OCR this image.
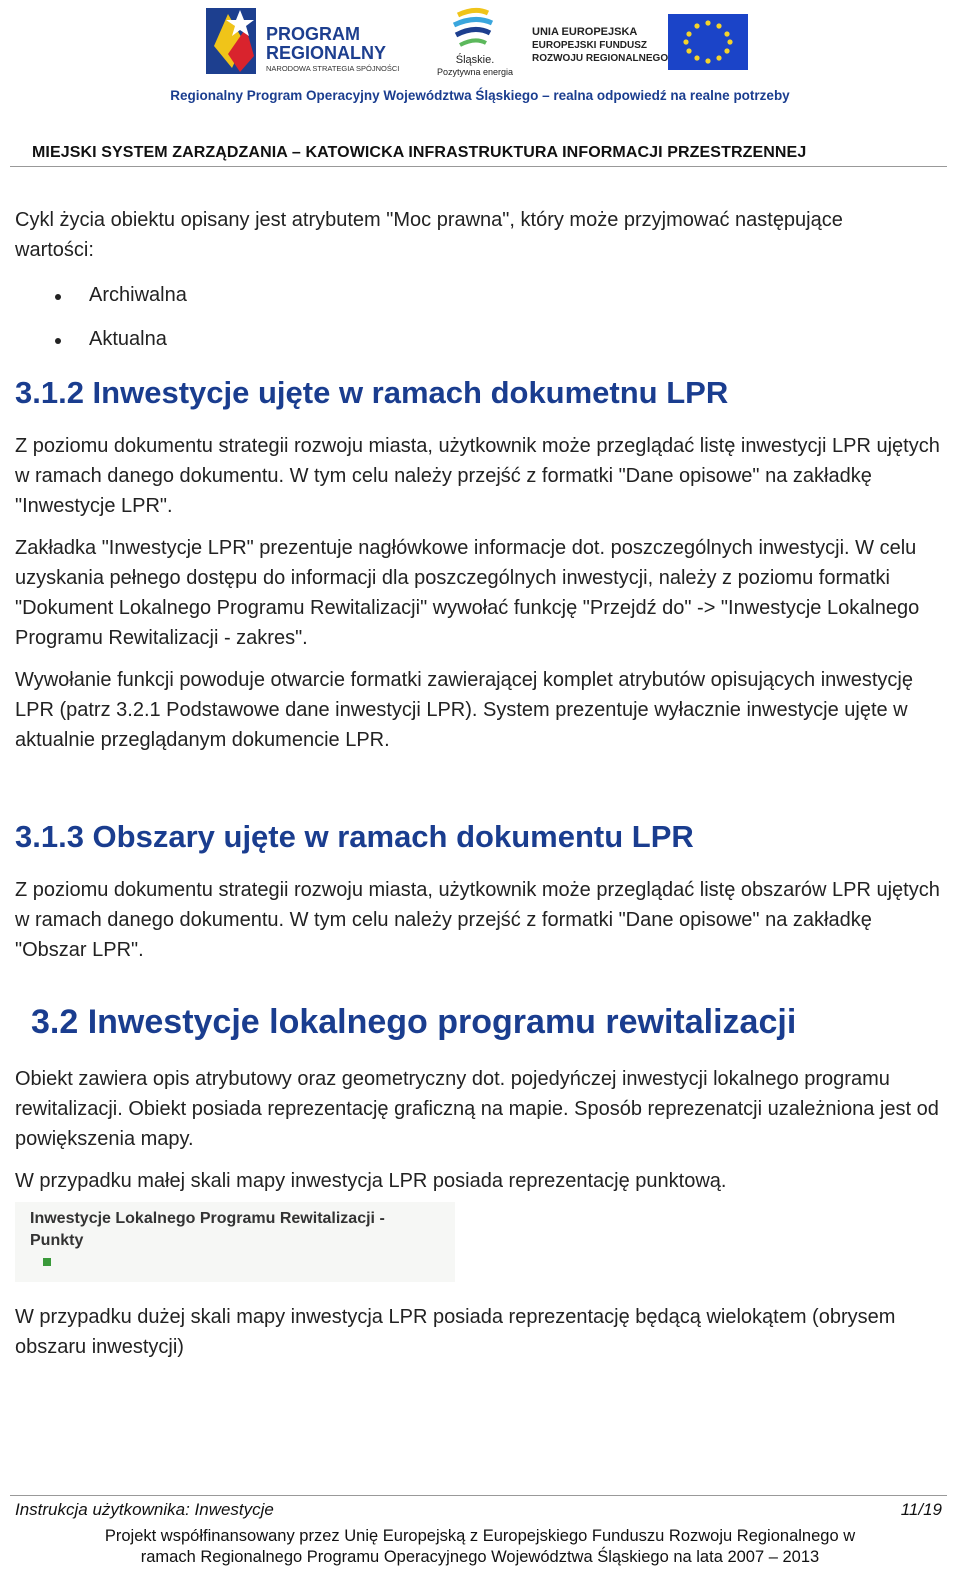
PROGRAM
REGIONALNY
NARODOWA STRATEGIA SPÓJNOŚCI
Śląskie.
Pozytywna energia
UNIA EUROPEJSKA
EUROPEJSKI FUNDUSZ
ROZWOJU REGIONALNEGO
Regionalny Program Operacyjny Województwa Śląskiego – realna odpowiedź na realne potrzeby
MIEJSKI SYSTEM ZARZĄDZANIA – KATOWICKA INFRASTRUKTURA INFORMACJI PRZESTRZENNEJ

Cykl życia obiektu opisany jest atrybutem "Moc prawna", który może przyjmować następujące wartości:

Archiwalna
Aktualna
3.1.2 Inwestycje ujęte w ramach dokumetnu LPR

Z poziomu dokumentu strategii rozwoju miasta, użytkownik może przeglądać listę inwestycji LPR ujętych w ramach danego dokumentu. W tym celu należy przejść z formatki "Dane opisowe" na zakładkę "Inwestycje LPR".

Zakładka "Inwestycje LPR" prezentuje nagłówkowe informacje dot. poszczególnych inwestycji. W celu uzyskania pełnego dostępu do informacji dla poszczególnych inwestycji, należy z poziomu formatki "Dokument Lokalnego Programu Rewitalizacji" wywołać funkcję "Przejdź do" -> "Inwestycje Lokalnego Programu Rewitalizacji - zakres".

Wywołanie funkcji powoduje otwarcie formatki zawierającej komplet atrybutów opisujących inwestycję LPR (patrz 3.2.1 Podstawowe dane inwestycji LPR). System prezentuje wyłacznie inwestycje ujęte w aktualnie przeglądanym dokumencie LPR.

3.1.3 Obszary ujęte w ramach dokumentu LPR

Z poziomu dokumentu strategii rozwoju miasta, użytkownik może przeglądać listę obszarów LPR ujętych w ramach danego dokumentu. W tym celu należy przejść z formatki "Dane opisowe" na zakładkę "Obszar LPR".

3.2 Inwestycje lokalnego programu rewitalizacji

Obiekt zawiera opis atrybutowy oraz geometryczny dot. pojedyńczej inwestycji lokalnego programu rewitalizacji. Obiekt posiada reprezentację graficzną na mapie. Sposób reprezenatcji uzależniona jest od powiększenia mapy.

W przypadku małej skali mapy inwestycja LPR posiada reprezentację punktową.

Inwestycje Lokalnego Programu Rewitalizacji -
Punkty

W przypadku dużej skali mapy inwestycja LPR posiada reprezentację będącą wielokątem (obrysem obszaru inwestycji)

Instrukcja użytkownika: Inwestycje	11/19
Projekt współfinansowany przez Unię Europejską z Europejskiego Funduszu Rozwoju Regionalnego w
ramach Regionalnego Programu Operacyjnego Województwa Śląskiego na lata 2007 – 2013
